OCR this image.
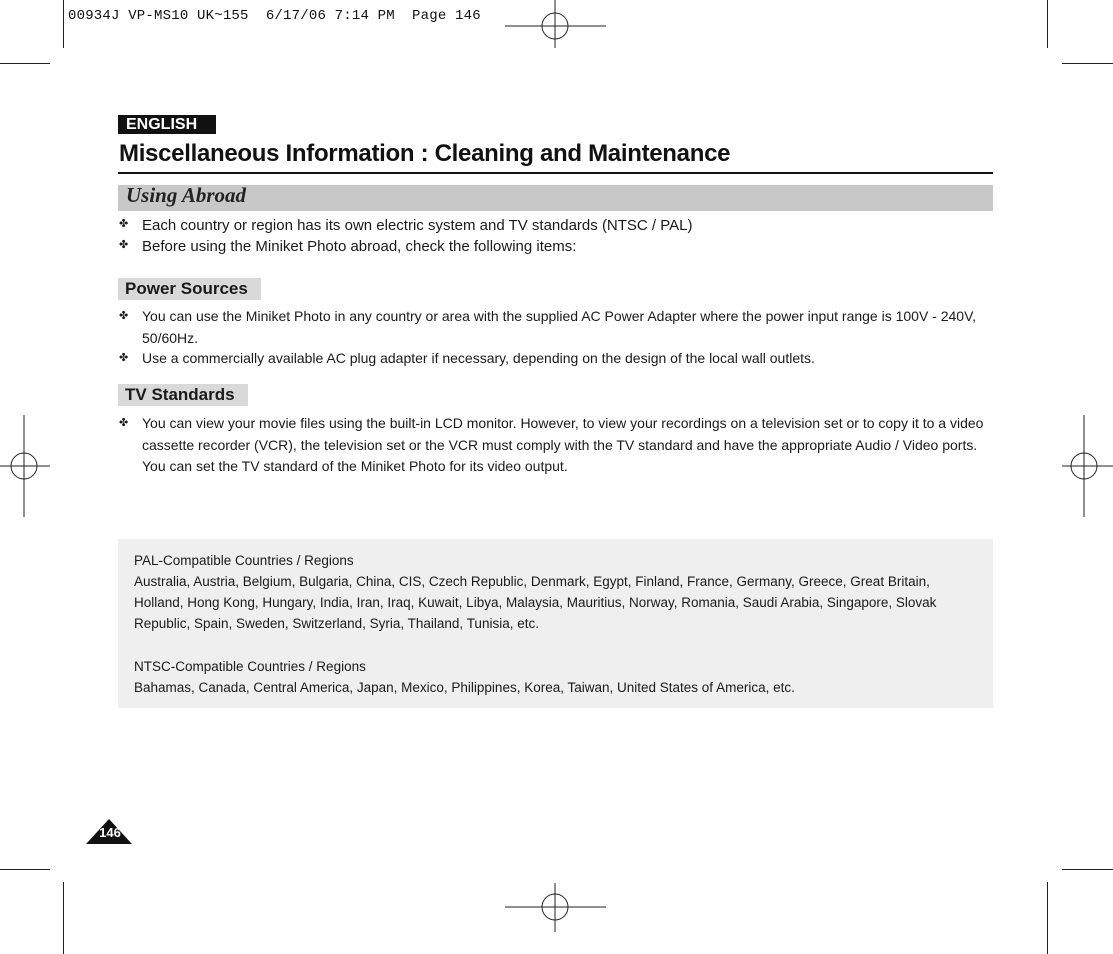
00934J VP-MS10 UK~155  6/17/06 7:14 PM  Page 146
ENGLISH
Miscellaneous Information : Cleaning and Maintenance
Using Abroad
✤ Each country or region has its own electric system and TV standards (NTSC / PAL)
✤ Before using the Miniket Photo abroad, check the following items:
Power Sources
✤ You can use the Miniket Photo in any country or area with the supplied AC Power Adapter where the power input range is 100V - 240V, 50/60Hz.
✤ Use a commercially available AC plug adapter if necessary, depending on the design of the local wall outlets.
TV Standards
✤ You can view your movie files using the built-in LCD monitor. However, to view your recordings on a television set or to copy it to a video cassette recorder (VCR), the television set or the VCR must comply with the TV standard and have the appropriate Audio / Video ports. You can set the TV standard of the Miniket Photo for its video output.
PAL-Compatible Countries / Regions
Australia, Austria, Belgium, Bulgaria, China, CIS, Czech Republic, Denmark, Egypt, Finland, France, Germany, Greece, Great Britain, Holland, Hong Kong, Hungary, India, Iran, Iraq, Kuwait, Libya, Malaysia, Mauritius, Norway, Romania, Saudi Arabia, Singapore, Slovak Republic, Spain, Sweden, Switzerland, Syria, Thailand, Tunisia, etc.
NTSC-Compatible Countries / Regions
Bahamas, Canada, Central America, Japan, Mexico, Philippines, Korea, Taiwan, United States of America, etc.
146
